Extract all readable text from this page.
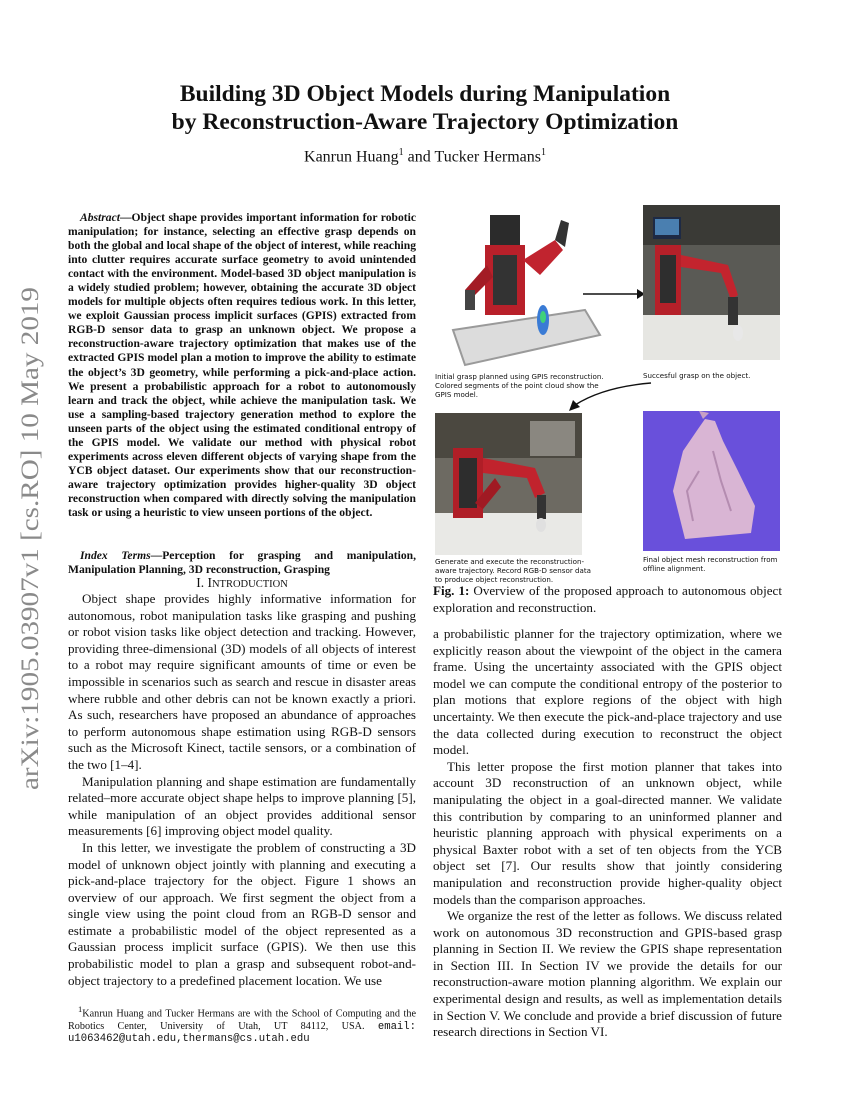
arXiv:1905.03907v1 [cs.RO] 10 May 2019
Building 3D Object Models during Manipulation
by Reconstruction-Aware Trajectory Optimization
Kanrun Huang$^1$ and Tucker Hermans$^1$

Abstract—Object shape provides important information for robotic manipulation; for instance, selecting an effective grasp depends on both the global and local shape of the object of interest, while reaching into clutter requires accurate surface geometry to avoid unintended contact with the environment. Model-based 3D object manipulation is a widely studied problem; however, obtaining the accurate 3D object models for multiple objects often requires tedious work. In this letter, we exploit Gaussian process implicit surfaces (GPIS) extracted from RGB-D sensor data to grasp an unknown object. We propose a reconstruction-aware trajectory optimization that makes use of the extracted GPIS model plan a motion to improve the ability to estimate the object’s 3D geometry, while performing a pick-and-place action. We present a probabilistic approach for a robot to autonomously learn and track the object, while achieve the manipulation task. We use a sampling-based trajectory generation method to explore the unseen parts of the object using the estimated conditional entropy of the GPIS model. We validate our method with physical robot experiments across eleven different objects of varying shape from the YCB object dataset. Our experiments show that our reconstruction-aware trajectory optimization provides higher-quality 3D object reconstruction when compared with directly solving the manipulation task or using a heuristic to view unseen portions of the object.

Index Terms—Perception for grasping and manipulation, Manipulation Planning, 3D reconstruction, Grasping

I. INTRODUCTION

Object shape provides highly informative information for autonomous, robot manipulation tasks like grasping and pushing or robot vision tasks like object detection and tracking. However, providing three-dimensional (3D) models of all objects of interest to a robot may require significant amounts of time or even be impossible in scenarios such as search and rescue in disaster areas where rubble and other debris can not be known exactly a priori. As such, researchers have proposed an abundance of approaches to perform autonomous shape estimation using RGB-D sensors such as the Microsoft Kinect, tactile sensors, or a combination of the two [1–4].

Manipulation planning and shape estimation are fundamentally related–more accurate object shape helps to improve planning [5], while manipulation of an object provides additional sensor measurements [6] improving object model quality.

In this letter, we investigate the problem of constructing a 3D model of unknown object jointly with planning and executing a pick-and-place trajectory for the object. Figure 1 shows an overview of our approach. We first segment the object from a single view using the point cloud from an RGB-D sensor and estimate a probabilistic model of the object represented as a Gaussian process implicit surface (GPIS). We then use this probabilistic model to plan a grasp and subsequent robot-and-object trajectory to a predefined placement location. We use

$^1$Kanrun Huang and Tucker Hermans are with the School of Computing and the Robotics Center, University of Utah, UT 84112, USA. email: u1063462@utah.edu,thermans@cs.utah.edu

Initial grasp planned using GPIS reconstruction. Colored segments of the point cloud show the GPIS model.
Succesful grasp on the object.
Generate and execute the reconstruction-aware trajectory. Record RGB-D sensor data to produce object reconstruction.
Final object mesh reconstruction from offline alignment.
Fig. 1: Overview of the proposed approach to autonomous object exploration and reconstruction.

a probabilistic planner for the trajectory optimization, where we explicitly reason about the viewpoint of the object in the camera frame. Using the uncertainty associated with the GPIS object model we can compute the conditional entropy of the posterior to plan motions that explore regions of the object with high uncertainty. We then execute the pick-and-place trajectory and use the data collected during execution to reconstruct the object model.

This letter propose the first motion planner that takes into account 3D reconstruction of an unknown object, while manipulating the object in a goal-directed manner. We validate this contribution by comparing to an uninformed planner and heuristic planning approach with physical experiments on a physical Baxter robot with a set of ten objects from the YCB object set [7]. Our results show that jointly considering manipulation and reconstruction provide higher-quality object models than the comparison approaches.

We organize the rest of the letter as follows. We discuss related work on autonomous 3D reconstruction and GPIS-based grasp planning in Section II. We review the GPIS shape representation in Section III. In Section IV we provide the details for our reconstruction-aware motion planning algorithm. We explain our experimental design and results, as well as implementation details in Section V. We conclude and provide a brief discussion of future research directions in Section VI.
